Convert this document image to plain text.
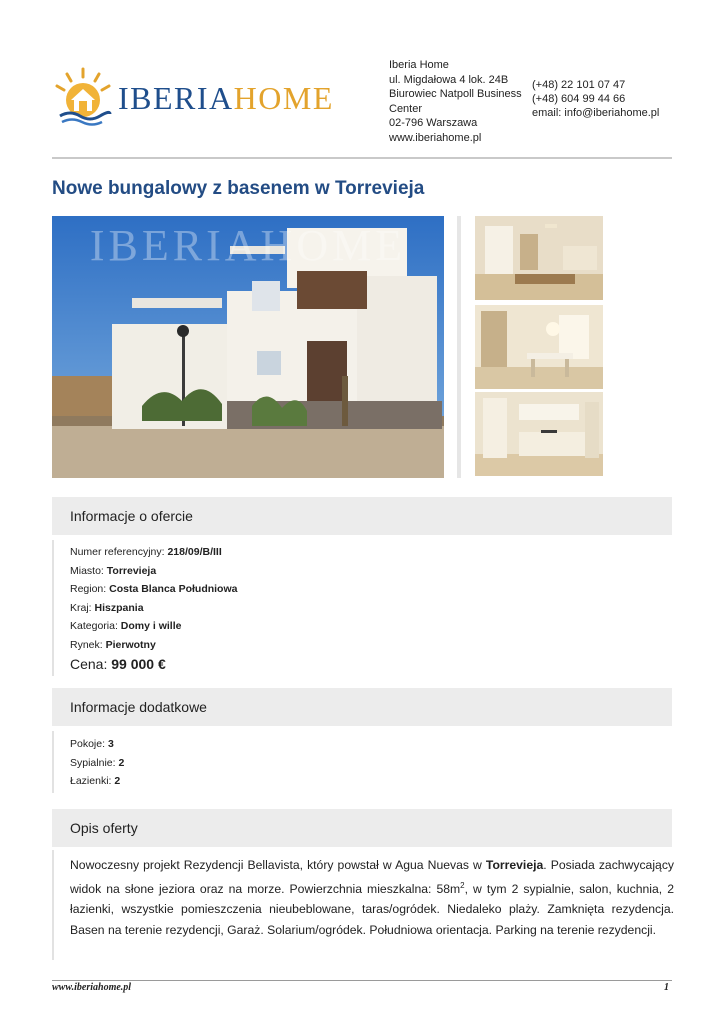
IBERIAHOME
Iberia Home
ul. Migdałowa 4 lok. 24B
Biurowiec Natpoll Business
Center
02-796 Warszawa
www.iberiahome.pl
(+48) 22 101 07 47
(+48) 604 99 44 66
email: info@iberiahome.pl
Nowe bungalowy z basenem w Torrevieja
IBERIAHOME
Informacje o ofercie
Numer referencyjny: 218/09/B/III
Miasto: Torrevieja
Region: Costa Blanca Południowa
Kraj: Hiszpania
Kategoria: Domy i wille
Rynek: Pierwotny
Cena: 99 000 €
Informacje dodatkowe
Pokoje: 3
Sypialnie: 2
Łazienki: 2
Opis oferty

Nowoczesny projekt Rezydencji Bellavista, który powstał w Agua Nuevas w Torrevieja. Posiada zachwycający widok na słone jeziora oraz na morze. Powierzchnia mieszkalna: $58m^2$, w tym 2 sypialnie, salon, kuchnia, 2 łazienki, wszystkie pomieszczenia nieubeblowane, taras/ogródek. Niedaleko plaży. Zamknięta rezydencja. Basen na terenie rezydencji, Garaż. Solarium/ogródek. Południowa orientacja. Parking na terenie rezydencji.

www.iberiahome.pl	1
